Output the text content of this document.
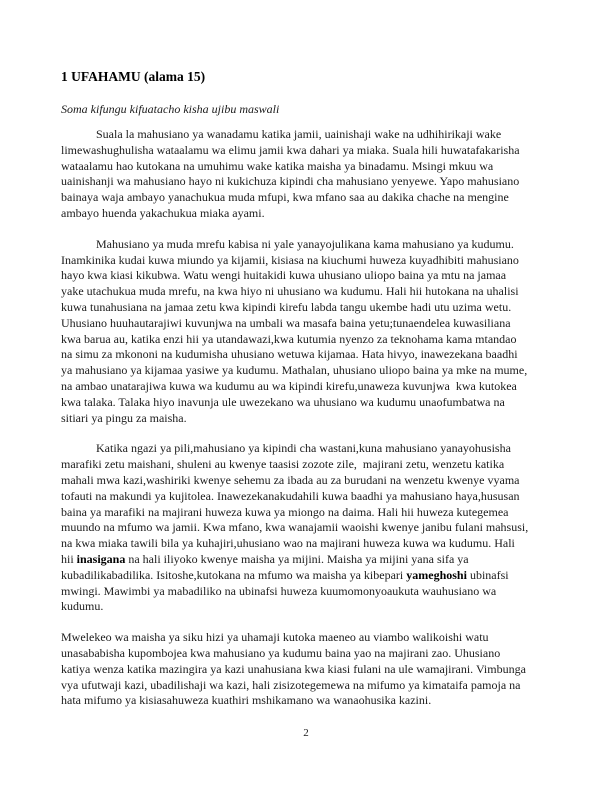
1 UFAHAMU (alama 15)

Soma kifungu kifuatacho kisha ujibu maswali

Suala la mahusiano ya wanadamu katika jamii, uainishaji wake na udhihirikaji wake
limewashughulisha wataalamu wa elimu jamii kwa dahari ya miaka. Suala hili huwatafakarisha
wataalamu hao kutokana na umuhimu wake katika maisha ya binadamu. Msingi mkuu wa
uainishanji wa mahusiano hayo ni kukichuza kipindi cha mahusiano yenyewe. Yapo mahusiano
bainaya waja ambayo yanachukua muda mfupi, kwa mfano saa au dakika chache na mengine
ambayo huenda yakachukua miaka ayami.
Mahusiano ya muda mrefu kabisa ni yale yanayojulikana kama mahusiano ya kudumu.
Inamkinika kudai kuwa miundo ya kijamii, kisiasa na kiuchumi huweza kuyadhibiti mahusiano
hayo kwa kiasi kikubwa. Watu wengi huitakidi kuwa uhusiano uliopo baina ya mtu na jamaa
yake utachukua muda mrefu, na kwa hiyo ni uhusiano wa kudumu. Hali hii hutokana na uhalisi
kuwa tunahusiana na jamaa zetu kwa kipindi kirefu labda tangu ukembe hadi utu uzima wetu.
Uhusiano huuhautarajiwi kuvunjwa na umbali wa masafa baina yetu;tunaendelea kuwasiliana
kwa barua au, katika enzi hii ya utandawazi,kwa kutumia nyenzo za teknohama kama mtandao
na simu za mkononi na kudumisha uhusiano wetuwa kijamaa. Hata hivyo, inawezekana baadhi
ya mahusiano ya kijamaa yasiwe ya kudumu. Mathalan, uhusiano uliopo baina ya mke na mume,
na ambao unatarajiwa kuwa wa kudumu au wa kipindi kirefu,unaweza kuvunjwa  kwa kutokea
kwa talaka. Talaka hiyo inavunja ule uwezekano wa uhusiano wa kudumu unaofumbatwa na
sitiari ya pingu za maisha.
Katika ngazi ya pili,mahusiano ya kipindi cha wastani,kuna mahusiano yanayohusisha
marafiki zetu maishani, shuleni au kwenye taasisi zozote zile,  majirani zetu, wenzetu katika
mahali mwa kazi,washiriki kwenye sehemu za ibada au za burudani na wenzetu kwenye vyama
tofauti na makundi ya kujitolea. Inawezekanakudahili kuwa baadhi ya mahusiano haya,hususan
baina ya marafiki na majirani huweza kuwa ya miongo na daima. Hali hii huweza kutegemea
muundo na mfumo wa jamii. Kwa mfano, kwa wanajamii waoishi kwenye janibu fulani mahsusi,
na kwa miaka tawili bila ya kuhajiri,uhusiano wao na majirani huweza kuwa wa kudumu. Hali
hii inasigana na hali iliyoko kwenye maisha ya mijini. Maisha ya mijini yana sifa ya
kubadilikabadilika. Isitoshe,kutokana na mfumo wa maisha ya kibepari yameghoshi ubinafsi
mwingi. Mawimbi ya mabadiliko na ubinafsi huweza kuumomonyoaukuta wauhusiano wa
kudumu.
Mwelekeo wa maisha ya siku hizi ya uhamaji kutoka maeneo au viambo walikoishi watu
unasababisha kupombojea kwa mahusiano ya kudumu baina yao na majirani zao. Uhusiano
katiya wenza katika mazingira ya kazi unahusiana kwa kiasi fulani na ule wamajirani. Vimbunga
vya ufutwaji kazi, ubadilishaji wa kazi, hali zisizotegemewa na mifumo ya kimataifa pamoja na
hata mifumo ya kisiasahuweza kuathiri mshikamano wa wanaohusika kazini.
2
